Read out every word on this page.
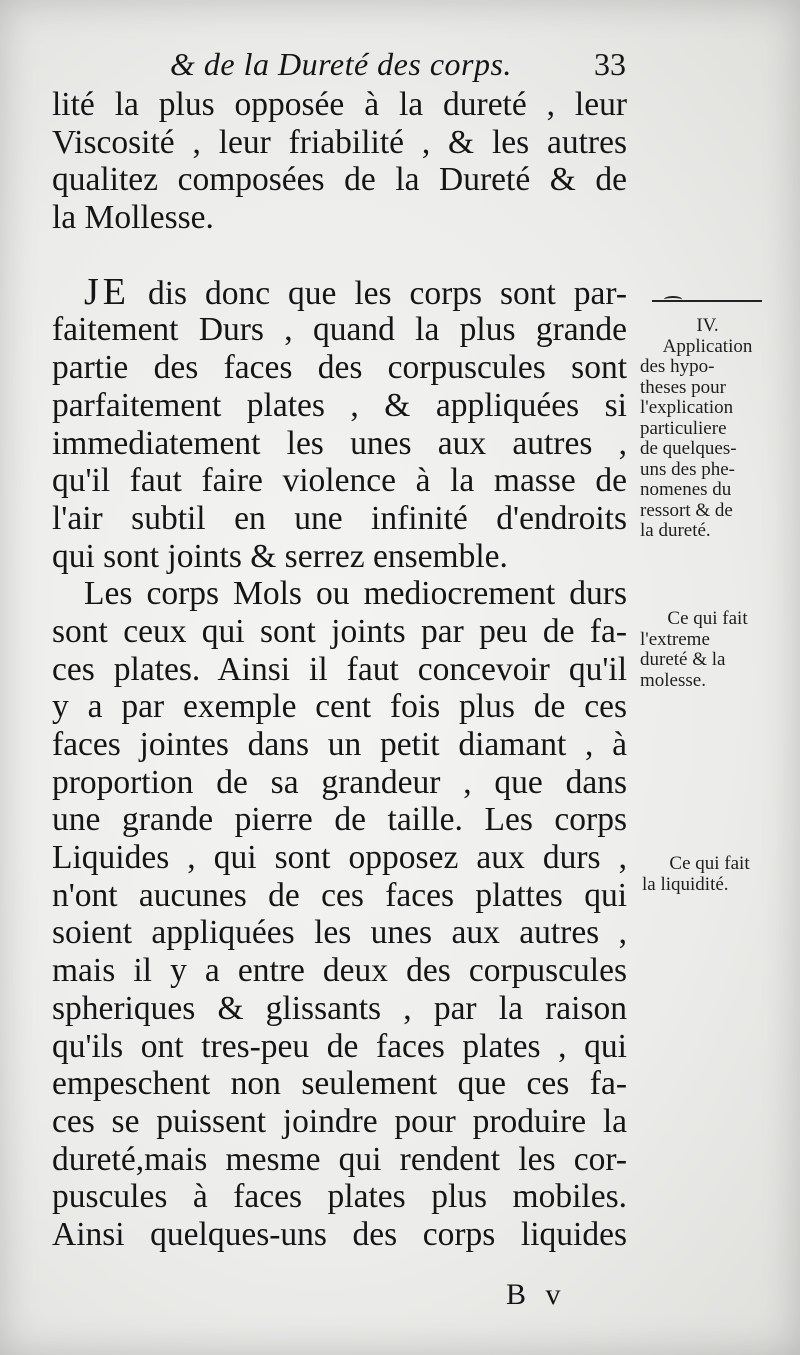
& de la Dureté des corps.	33
lité la plus opposée à la dureté , leur
Viscosité , leur friabilité , & les autres
qualitez composées de la Dureté & de
la Mollesse.
JE dis donc que les corps sont par-
faitement Durs , quand la plus grande
partie des faces des corpuscules sont
parfaitement plates , & appliquées si
immediatement les unes aux autres ,
qu'il faut faire violence à la masse de
l'air subtil en une infinité d'endroits
qui sont joints & serrez ensemble.
Les corps Mols ou mediocrement durs
sont ceux qui sont joints par peu de fa-
ces plates. Ainsi il faut concevoir qu'il
y a par exemple cent fois plus de ces
faces jointes dans un petit diamant , à
proportion de sa grandeur , que dans
une grande pierre de taille. Les corps
Liquides , qui sont opposez aux durs ,
n'ont aucunes de ces faces plattes qui
soient appliquées les unes aux autres ,
mais il y a entre deux des corpuscules
spheriques & glissants , par la raison
qu'ils ont tres-peu de faces plates , qui
empeschent non seulement que ces fa-
ces se puissent joindre pour produire la
dureté,mais mesme qui rendent les cor-
puscules à faces plates plus mobiles.
Ainsi quelques-uns des corps liquides
IV.
Application
des hypo-
theses pour
l'explication
particuliere
de quelques-
uns des phe-
nomenes du
ressort & de
la dureté.
Ce qui fait
l'extreme
dureté & la
molesse.
Ce qui fait
la liquidité.
B v
